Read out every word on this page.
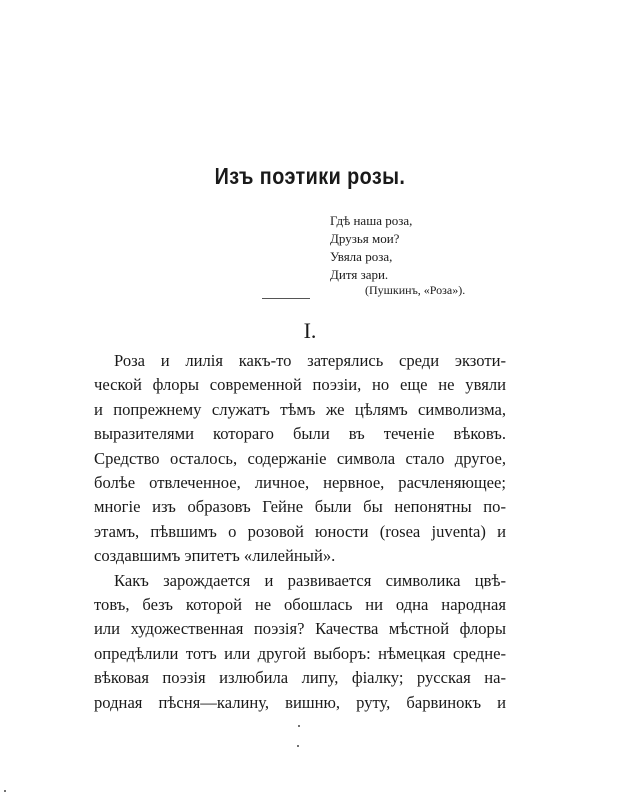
Изъ поэтики розы.
Гдѣ наша роза,
Друзья мои?
Увяла роза,
Дитя зари.
(Пушкинъ, «Роза»).
I.
Роза и лилія какъ-то затерялись среди экзоти-
ческой флоры современной поэзіи, но еще не увяли
и попрежнему служатъ тѣмъ же цѣлямъ символизма,
выразителями котораго были въ теченіе вѣковъ.
Средство осталось, содержаніе символа стало другое,
болѣе отвлеченное, личное, нервное, расчленяющее;
многіе изъ образовъ Гейне были бы непонятны по-
этамъ, пѣвшимъ о розовой юности (rosea juventa) и
создавшимъ эпитетъ «лилейный».
Какъ зарождается и развивается символика цвѣ-
товъ, безъ которой не обошлась ни одна народная
или художественная поэзія? Качества мѣстной флоры
опредѣлили тотъ или другой выборъ: нѣмецкая средне-
вѣковая поэзія излюбила липу, фіалку; русская на-
родная пѣсня—калину, вишню, руту, барвинокъ и
